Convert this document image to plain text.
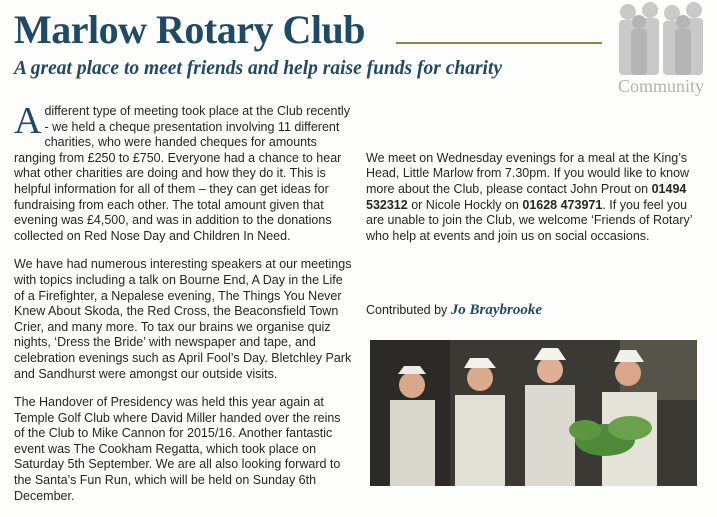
Marlow Rotary Club
A great place to meet friends and help raise funds for charity
Community

Adifferent type of meeting took place at the Club recently - we held a cheque presentation involving 11 different charities, who were handed cheques for amounts ranging from £250 to £750. Everyone had a chance to hear what other charities are doing and how they do it. This is helpful information for all of them – they can get ideas for fundraising from each other. The total amount given that evening was £4,500, and was in addition to the donations collected on Red Nose Day and Children In Need.

We have had numerous interesting speakers at our meetings with topics including a talk on Bourne End, A Day in the Life of a Firefighter, a Nepalese evening, The Things You Never Knew About Skoda, the Red Cross, the Beaconsfield Town Crier, and many more. To tax our brains we organise quiz nights, ‘Dress the Bride’ with newspaper and tape, and celebration evenings such as April Fool’s Day. Bletchley Park and Sandhurst were amongst our outside visits.

The Handover of Presidency was held this year again at Temple Golf Club where David Miller handed over the reins of the Club to Mike Cannon for 2015/16. Another fantastic event was The Cookham Regatta, which took place on Saturday 5th September. We are all also looking forward to the Santa’s Fun Run, which will be held on Sunday 6th December.

We meet on Wednesday evenings for a meal at the King’s Head, Little Marlow from 7.30pm. If you would like to know more about the Club, please contact John Prout on 01494 532312 or Nicole Hockly on 01628 473971. If you feel you are unable to join the Club, we welcome ‘Friends of Rotary’ who help at events and join us on social occasions.

Contributed by Jo Braybrooke
